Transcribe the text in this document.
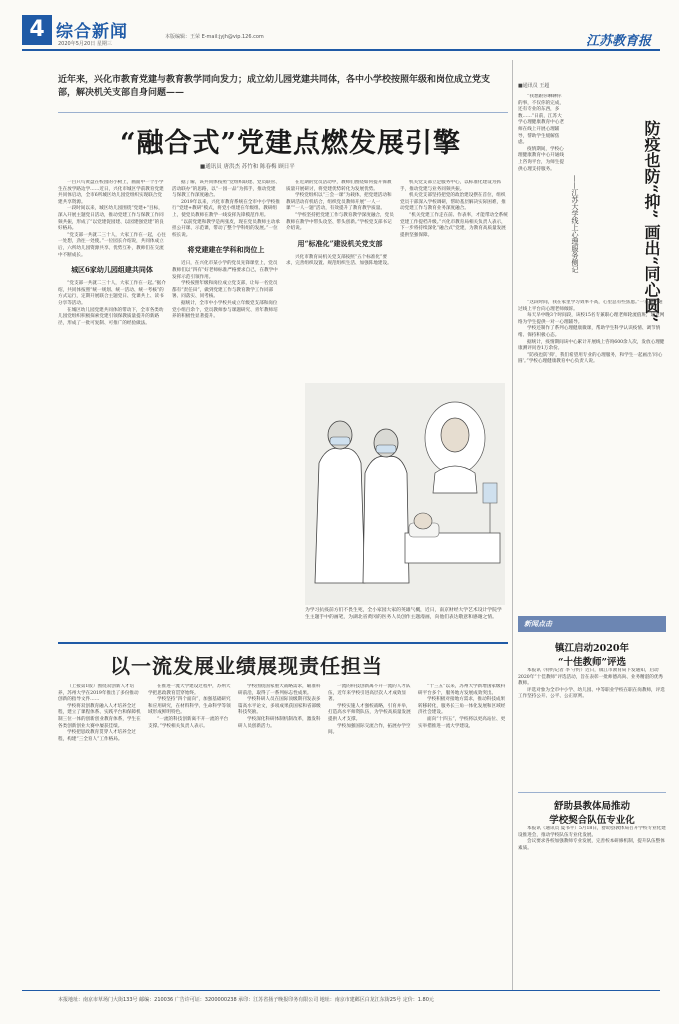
4 综合新闻
2020年5月20日 星期三
本版编辑：王荣 E-mail:jyjh@vip.126.com	江苏教育报
近年来，兴化市教育党建与教育教学同向发力；成立幼儿园党建共同体，各中小学校按照年级和岗位成立党支部，解决机关支部自身问题——
“融合式”党建点燃发展引擎
■通讯员 唐洪杰 苏竹和 陈春梅 顾日平

一目只鸟黄盘在校园的小树上，画面中一个小学生在放学路边学……近日，兴化市城区学前教育党建共同体启动，全市6所城区幼儿园党组织实现联合党建共享资源。

一段时间以来，城区幼儿园围绕“党建+”目标，深入开展主题党日活动，推动党建工作与保教工作同频共振，形成了“以党建促园建、以园建强党建”的良好格局。

“党支部一共就二三十人，大家工作在一起，心往一处想，劲往一处使。”一位园长介绍说，共同体成立后，六所幼儿园资源共享、优势互补，教师们在交流中不断成长。

城区6家幼儿园组建共同体

“党支部一共就二三十人，大家工作在一起。”据介绍，共同体按照“统一规划、统一活动、统一考核”的方式运行，定期开展联合主题党日、党课共上、读书分享等活动。

在城区幼儿园党建共同体的带动下，全市各类幼儿园党组织积极探索党建引领保教质量提升的新路径，形成了一批可复制、可推广的经验做法。

据了解，该共同体按照“党组织联建、党员联管、活动联办”的思路，以“一园一品”为抓手，推动党建与保教工作深度融合。

2019年以来，兴化市教育系统在全市中小学校推行“党建+教研”模式，将党小组建在年级组、教研组上，使党员教师在教学一线发挥先锋模范作用。

“以前党建和教学是两张皮，现在党员教师主动承担公开课、示范课，带动了整个学科组的发展。”一位校长说。

将党建建在学科和岗位上

近日，在兴化市某小学的党员先锋课堂上，党员教师们以“四有”好老师标准严格要求自己，在教学中发挥示范引领作用。

学校按照年级和岗位成立党支部，让每一名党员都有“责任田”，做到党建工作与教育教学工作同部署、同落实、同考核。

据统计，全市中小学校共成立年级党支部和岗位党小组百余个，党员教师参与课题研究、青年教师培养的积极性显著提升。

在近期的党员活动中，教师们围绕如何提升保教质量开展研讨，将党建优势转化为发展优势。

学校党组织以“三会一课”为载体，把党建活动和教研活动有机结合，组织党员教师开展“一人一课”“一人一题”活动，有效提升了教育教学质量。

“学校坚持把党建工作与教育教学深度融合，党员教师在教学中带头攻坚、带头创新。”学校党支部书记介绍说。

用“标准化”建设机关党支部

兴化市教育局机关党支部按照“五个标准化”要求，完善组织设置、规范组织生活、加强阵地建设。

机关党支部立足服务中心，以标准化建设为抓手，推动党建与业务同频共振。

机关党支部坚持把党的政治建设摆在首位，组织党员干部深入学校调研，帮助基层解决实际困难，推动党建工作与教育业务深度融合。

“机关党建工作走在前、作表率，才能带动全系统党建工作提档升级。”兴化市教育局相关负责人表示，下一步将持续深化“融合式”党建，为教育高质量发展提供坚强保障。

为学习抗疫前方们不畏生死，全小家园大家的英雄气概，近日，南京财经大学艺术设计学院学生主题手中的画笔，为湖北省黄冈的医务人员创作主题漫画，向他们表达敬意和感谢之情。
以一流发展业绩展现责任担当

（上接第1版）围绕双创新人才培养，苏州大学在2019年推出了多份推动创新的指导文件……

学校将双创教育融入人才培养全过程，建立了课程体系、实践平台和保障机制三位一体的创新创业教育体系，学生在各类创新创业大赛中屡获佳绩。

学校把思政教育贯穿人才培养全过程，构建“三全育人”工作格局。

在推进一流大学建设过程中，苏州大学把思政教育贯穿始终。

学校坚持“四个面向”，加强基础研究和应用研究，在材料科学、生命科学等领域形成鲜明特色。

“一流的科技创新离不开一流的平台支撑。”学校相关负责人表示。

学校围绕国家重大战略需求，瞄准科研前沿，取得了一系列标志性成果。

学校科研人员在国际顶级期刊发表多篇高水平论文，多项成果获国家和省部级科技奖励。

学校深化科研体制机制改革，激发科研人员创新活力。

一流的科技创新离不开一流的人才队伍，近年来学校引进高层次人才成效显著。

学校实施人才强校战略，引育并举，打造高水平师资队伍，为学校高质量发展提供人才支撑。

学校加强国际交流合作，拓展办学空间。

“十三五”以来，苏州大学新增国家级科研平台多个，服务地方发展成效突出。

学校积极对接地方需求，推动科技成果转移转化，服务长三角一体化发展和区域经济社会建设。

面向“十四五”，学校将以更高站位、更实举措推进一流大学建设。

■通讯员 王超
防疫也防“抑” 画出“同心圆”
——江苏大学线上心理服务侧记

“我想跟你聊聊你的事，不仅你的完成，还有专业的东西，多数……”日前，江苏大学心理健康教育中心老师在线上开展心理辅导，帮助学生缓解焦虑。

疫情期间，学校心理健康教育中心开通线上咨询平台，为师生提供心理支持服务。

“这段时间，我在家里学习效率不高，心里总有些焦虑。”一名学生通过线上平台向心理老师倾诉。

每天早中晚3个时间段，该校15名专兼职心理老师轮流值班，通过网络为学生提供一对一心理辅导。

学校还制作了系列心理健康微课，帮助学生科学认识疫情、调节情绪、保持积极心态。

据统计，疫情期间该中心累计开展线上咨询600余人次，发放心理健康测评问卷1万余份。

“防疫也防‘抑’，我们希望用专业的心理服务，和学生一起画出‘同心圆’。”学校心理健康教育中心负责人说。

新闻点击
镇江启动2020年
“十佳教师”评选

本报讯（特约记者 李 守约）近日，镇江市教育局下发通知，启动2020年“十佳教师”评选活动，旨在表彰一批师德高尚、业务精湛的优秀教师。

评选对象为全市中小学、幼儿园、中等职业学校在职在岗教师，评选工作坚持公开、公平、公正原则。

舒助县教体局推动
学校契合队伍专业化

本报讯（通讯员 夏书平）5月18日，舒助县教体局召开学校专业化建设推进会，推动学校队伍专业化发展。

会议要求各校加强教师专业发展，完善校本研修机制，提升队伍整体素质。

本报地址：南京市草场门大街133号 邮编：210036 广告许可证：3200000238 承印：江苏省扬子晚报印务有限公司 地址：南京市建邺区白龙江东街25号 定价：1.80元
